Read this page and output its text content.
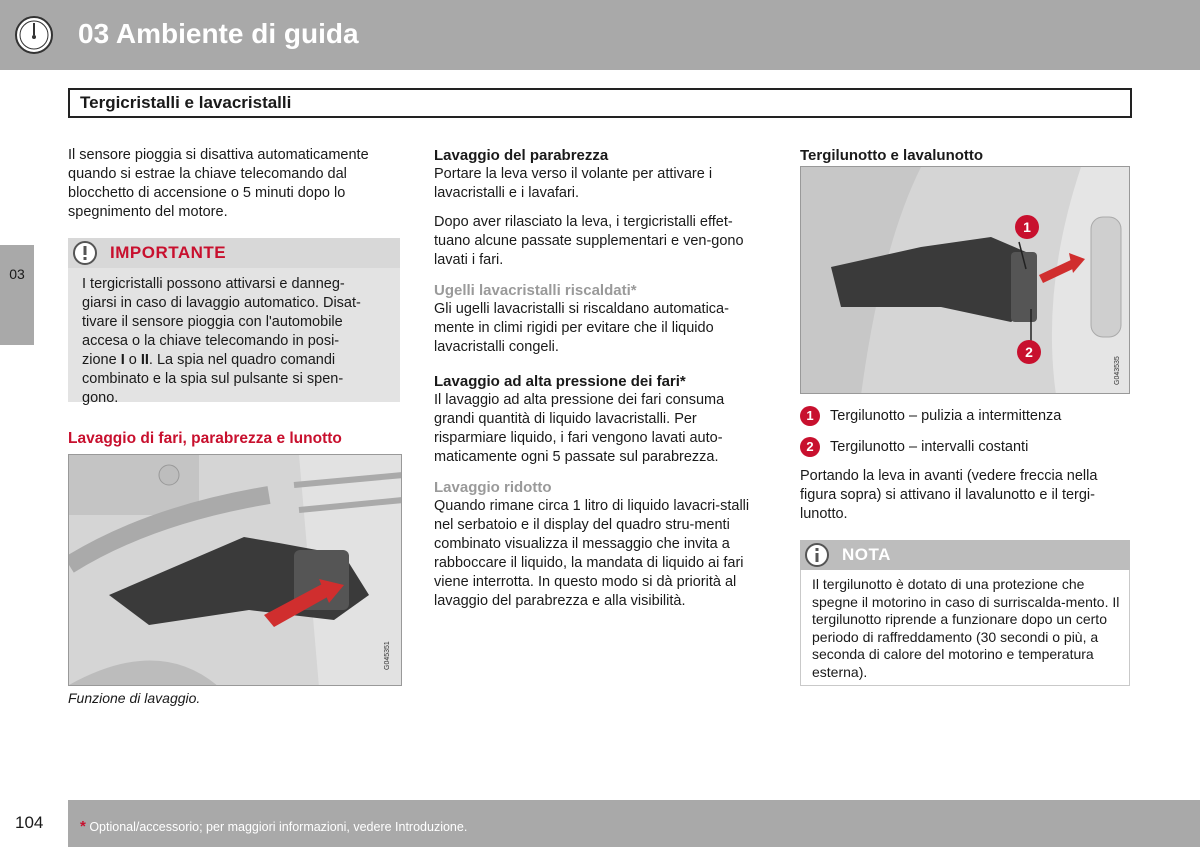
03 Ambiente di guida
03
Tergicristalli e lavacristalli

Il sensore pioggia si disattiva automaticamente quando si estrae la chiave telecomando dal blocchetto di accensione o 5 minuti dopo lo spegnimento del motore.

IMPORTANTE
I tergicristalli possono attivarsi e danneg-
giarsi in caso di lavaggio automatico. Disat-
tivare il sensore pioggia con l'automobile
accesa o la chiave telecomando in posi-
zione I o II. La spia nel quadro comandi
combinato e la spia sul pulsante si spen-
gono.
Lavaggio di fari, parabrezza e lunotto
G045351
Funzione di lavaggio.
Lavaggio del parabrezza

Portare la leva verso il volante per attivare i lavacristalli e i lavafari.

Dopo aver rilasciato la leva, i tergicristalli effet-tuano alcune passate supplementari e ven-gono lavati i fari.

Ugelli lavacristalli riscaldati*

Gli ugelli lavacristalli si riscaldano automatica-mente in climi rigidi per evitare che il liquido lavacristalli congeli.

Lavaggio ad alta pressione dei fari*

Il lavaggio ad alta pressione dei fari consuma grandi quantità di liquido lavacristalli. Per risparmiare liquido, i fari vengono lavati auto-maticamente ogni 5 passate sul parabrezza.

Lavaggio ridotto

Quando rimane circa 1 litro di liquido lavacri-stalli nel serbatoio e il display del quadro stru-menti combinato visualizza il messaggio che invita a rabboccare il liquido, la mandata di liquido ai fari viene interrotta. In questo modo si dà priorità al lavaggio del parabrezza e alla visibilità.

Tergilunotto e lavalunotto
1
2
G043535
1 Tergilunotto – pulizia a intermittenza
2 Tergilunotto – intervalli costanti

Portando la leva in avanti (vedere freccia nella figura sopra) si attivano il lavalunotto e il tergi-lunotto.

NOTA

Il tergilunotto è dotato di una protezione che spegne il motorino in caso di surriscalda-mento. Il tergilunotto riprende a funzionare dopo un certo periodo di raffreddamento (30 secondi o più, a seconda di calore del motorino e temperatura esterna).

104 * Optional/accessorio; per maggiori informazioni, vedere Introduzione.
